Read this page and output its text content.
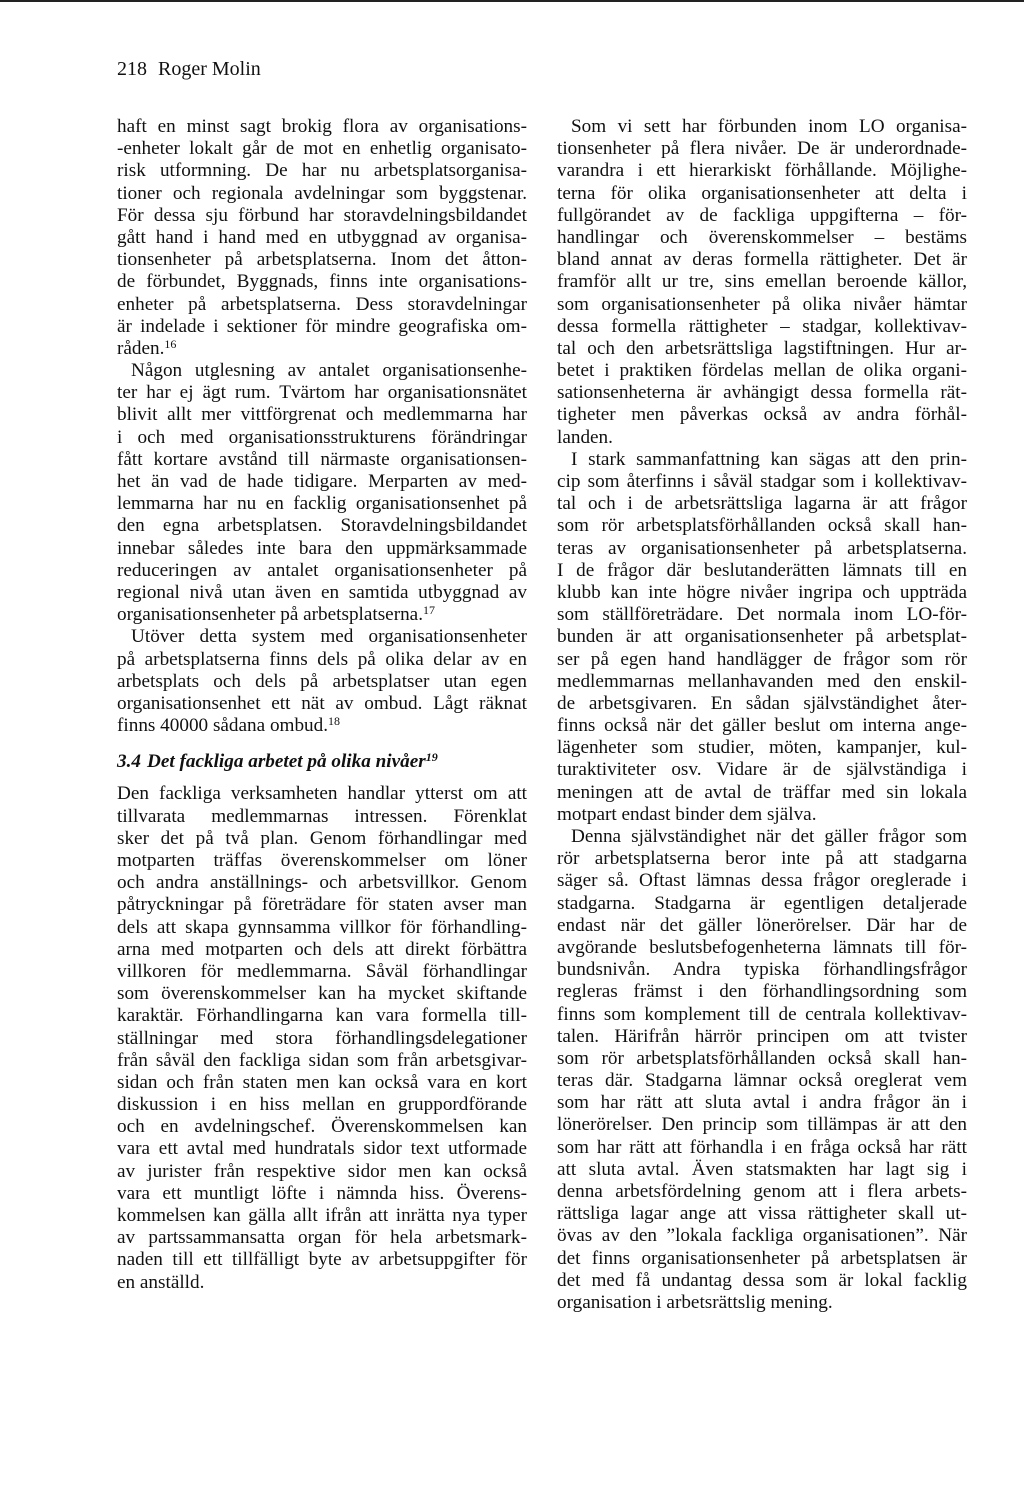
218 Roger Molin
haft en minst sagt brokig flora av organisations-
-enheter lokalt går de mot en enhetlig organisato-
risk utformning. De har nu arbetsplatsorganisa-
tioner och regionala avdelningar som byggstenar.
För dessa sju förbund har storavdelningsbildandet
gått hand i hand med en utbyggnad av organisa-
tionsenheter på arbetsplatserna. Inom det åtton-
de förbundet, Byggnads, finns inte organisations-
enheter på arbetsplatserna. Dess storavdelningar
är indelade i sektioner för mindre geografiska om-
råden.$^{16}$
Någon utglesning av antalet organisationsenhe-
ter har ej ägt rum. Tvärtom har organisationsnätet
blivit allt mer vittförgrenat och medlemmarna har
i och med organisationsstrukturens förändringar
fått kortare avstånd till närmaste organisationsen-
het än vad de hade tidigare. Merparten av med-
lemmarna har nu en facklig organisationsenhet på
den egna arbetsplatsen. Storavdelningsbildandet
innebar således inte bara den uppmärksammade
reduceringen av antalet organisationsenheter på
regional nivå utan även en samtida utbyggnad av
organisationsenheter på arbetsplatserna.$^{17}$
Utöver detta system med organisationsenheter
på arbetsplatserna finns dels på olika delar av en
arbetsplats och dels på arbetsplatser utan egen
organisationsenhet ett nät av ombud. Lågt räknat
finns 40000 sådana ombud.$^{18}$
3.4 Det fackliga arbetet på olika nivåer$^{19}$
Den fackliga verksamheten handlar ytterst om att
tillvarata medlemmarnas intressen. Förenklat
sker det på två plan. Genom förhandlingar med
motparten träffas överenskommelser om löner
och andra anställnings- och arbetsvillkor. Genom
påtryckningar på företrädare för staten avser man
dels att skapa gynnsamma villkor för förhandling-
arna med motparten och dels att direkt förbättra
villkoren för medlemmarna. Såväl förhandlingar
som överenskommelser kan ha mycket skiftande
karaktär. Förhandlingarna kan vara formella till-
ställningar med stora förhandlingsdelegationer
från såväl den fackliga sidan som från arbetsgivar-
sidan och från staten men kan också vara en kort
diskussion i en hiss mellan en gruppordförande
och en avdelningschef. Överenskommelsen kan
vara ett avtal med hundratals sidor text utformade
av jurister från respektive sidor men kan också
vara ett muntligt löfte i nämnda hiss. Överens-
kommelsen kan gälla allt ifrån att inrätta nya typer
av partssammansatta organ för hela arbetsmark-
naden till ett tillfälligt byte av arbetsuppgifter för
en anställd.
Som vi sett har förbunden inom LO organisa-
tionsenheter på flera nivåer. De är underordnade-
varandra i ett hierarkiskt förhållande. Möjlighe-
terna för olika organisationsenheter att delta i
fullgörandet av de fackliga uppgifterna – för-
handlingar och överenskommelser – bestäms
bland annat av deras formella rättigheter. Det är
framför allt ur tre, sins emellan beroende källor,
som organisationsenheter på olika nivåer hämtar
dessa formella rättigheter – stadgar, kollektivav-
tal och den arbetsrättsliga lagstiftningen. Hur ar-
betet i praktiken fördelas mellan de olika organi-
sationsenheterna är avhängigt dessa formella rät-
tigheter men påverkas också av andra förhål-
landen.
I stark sammanfattning kan sägas att den prin-
cip som återfinns i såväl stadgar som i kollektivav-
tal och i de arbetsrättsliga lagarna är att frågor
som rör arbetsplatsförhållanden också skall han-
teras av organisationsenheter på arbetsplatserna.
I de frågor där beslutanderätten lämnats till en
klubb kan inte högre nivåer ingripa och uppträda
som ställföreträdare. Det normala inom LO-för-
bunden är att organisationsenheter på arbetsplat-
ser på egen hand handlägger de frågor som rör
medlemmarnas mellanhavanden med den enskil-
de arbetsgivaren. En sådan självständighet åter-
finns också när det gäller beslut om interna ange-
lägenheter som studier, möten, kampanjer, kul-
turaktiviteter osv. Vidare är de självständiga i
meningen att de avtal de träffar med sin lokala
motpart endast binder dem själva.
Denna självständighet när det gäller frågor som
rör arbetsplatserna beror inte på att stadgarna
säger så. Oftast lämnas dessa frågor oreglerade i
stadgarna. Stadgarna är egentligen detaljerade
endast när det gäller lönerörelser. Där har de
avgörande beslutsbefogenheterna lämnats till för-
bundsnivån. Andra typiska förhandlingsfrågor
regleras främst i den förhandlingsordning som
finns som komplement till de centrala kollektivav-
talen. Härifrån härrör principen om att tvister
som rör arbetsplatsförhållanden också skall han-
teras där. Stadgarna lämnar också oreglerat vem
som har rätt att sluta avtal i andra frågor än i
lönerörelser. Den princip som tillämpas är att den
som har rätt att förhandla i en fråga också har rätt
att sluta avtal. Även statsmakten har lagt sig i
denna arbetsfördelning genom att i flera arbets-
rättsliga lagar ange att vissa rättigheter skall ut-
övas av den ”lokala fackliga organisationen”. När
det finns organisationsenheter på arbetsplatsen är
det med få undantag dessa som är lokal facklig
organisation i arbetsrättslig mening.
